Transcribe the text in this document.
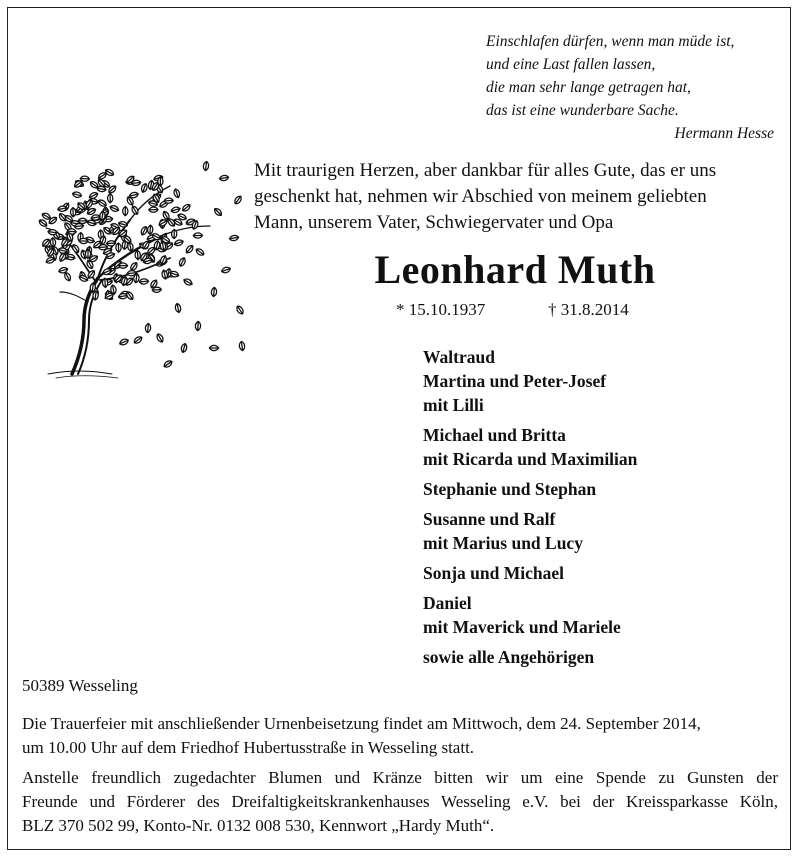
Einschlafen dürfen, wenn man müde ist,
und eine Last fallen lassen,
die man sehr lange getragen hat,
das ist eine wunderbare Sache.
Hermann Hesse
Mit traurigen Herzen, aber dankbar für alles Gute, das er uns
geschenkt hat, nehmen wir Abschied von meinem geliebten
Mann, unserem Vater, Schwiegervater und Opa
Leonhard Muth
* 15.10.1937	† 31.8.2014
Waltraud
Martina und Peter-Josef
mit Lilli
Michael und Britta
mit Ricarda und Maximilian
Stephanie und Stephan
Susanne und Ralf
mit Marius und Lucy
Sonja und Michael
Daniel
mit Maverick und Mariele
sowie alle Angehörigen
50389 Wesseling
Die Trauerfeier mit anschließender Urnenbeisetzung findet am Mittwoch, dem 24. September 2014,
um 10.00 Uhr auf dem Friedhof Hubertusstraße in Wesseling statt.
Anstelle freundlich zugedachter Blumen und Kränze bitten wir um eine Spende zu Gunsten der
Freunde und Förderer des Dreifaltigkeitskrankenhauses Wesseling e.V. bei der Kreissparkasse Köln,
BLZ 370 502 99, Konto-Nr. 0132 008 530, Kennwort „Hardy Muth“.
